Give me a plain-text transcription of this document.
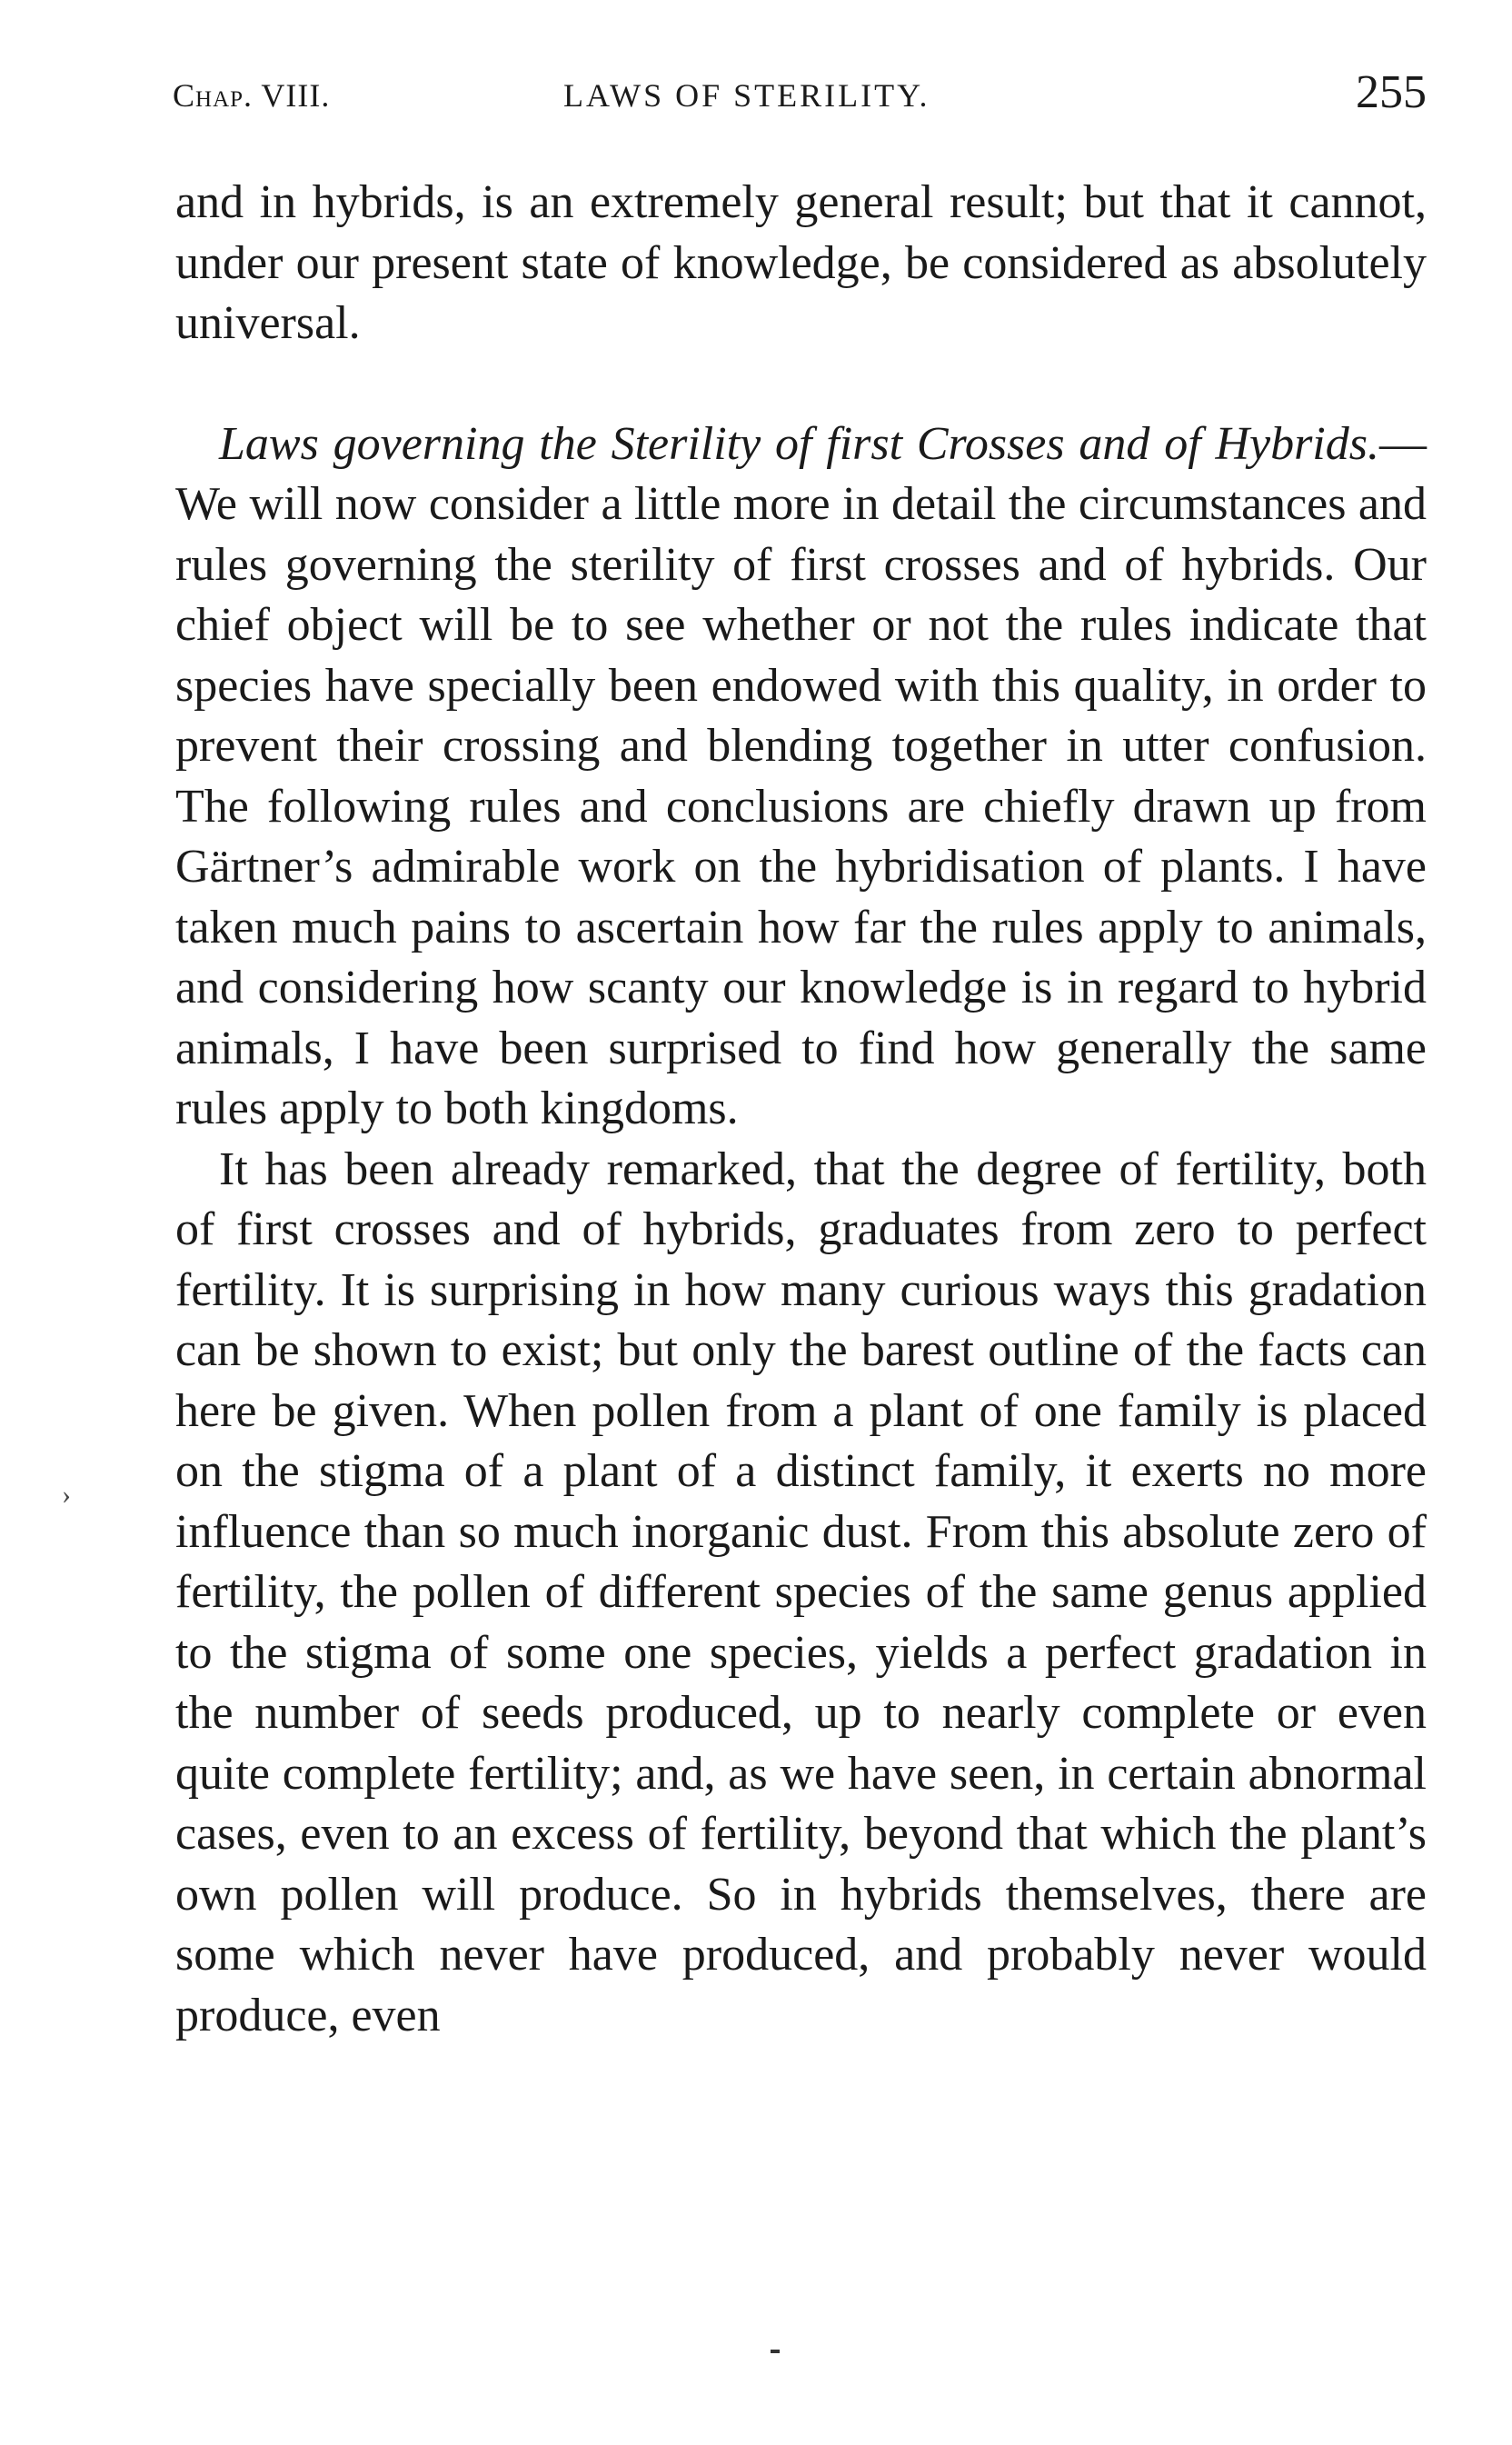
Chap. VIII.	LAWS OF STERILITY.	255

and in hybrids, is an extremely general result; but that it cannot, under our present state of knowledge, be considered as absolutely universal.

Laws governing the Sterility of first Crosses and of Hybrids.—We will now consider a little more in detail the circumstances and rules governing the sterility of first crosses and of hybrids. Our chief object will be to see whether or not the rules indicate that species have specially been endowed with this quality, in order to prevent their crossing and blending together in utter confusion. The following rules and conclusions are chiefly drawn up from Gärtner’s admirable work on the hybridisation of plants. I have taken much pains to ascertain how far the rules apply to animals, and considering how scanty our knowledge is in regard to hybrid animals, I have been surprised to find how generally the same rules apply to both kingdoms.

It has been already remarked, that the degree of fertility, both of first crosses and of hybrids, graduates from zero to perfect fertility. It is surprising in how many curious ways this gradation can be shown to exist; but only the barest outline of the facts can here be given. When pollen from a plant of one family is placed on the stigma of a plant of a distinct family, it exerts no more influence than so much inorganic dust. From this absolute zero of fertility, the pollen of different species of the same genus applied to the stigma of some one species, yields a perfect gradation in the number of seeds produced, up to nearly complete or even quite complete fertility; and, as we have seen, in certain abnormal cases, even to an excess of fertility, beyond that which the plant’s own pollen will produce. So in hybrids themselves, there are some which never have produced, and probably never would produce, even

›
